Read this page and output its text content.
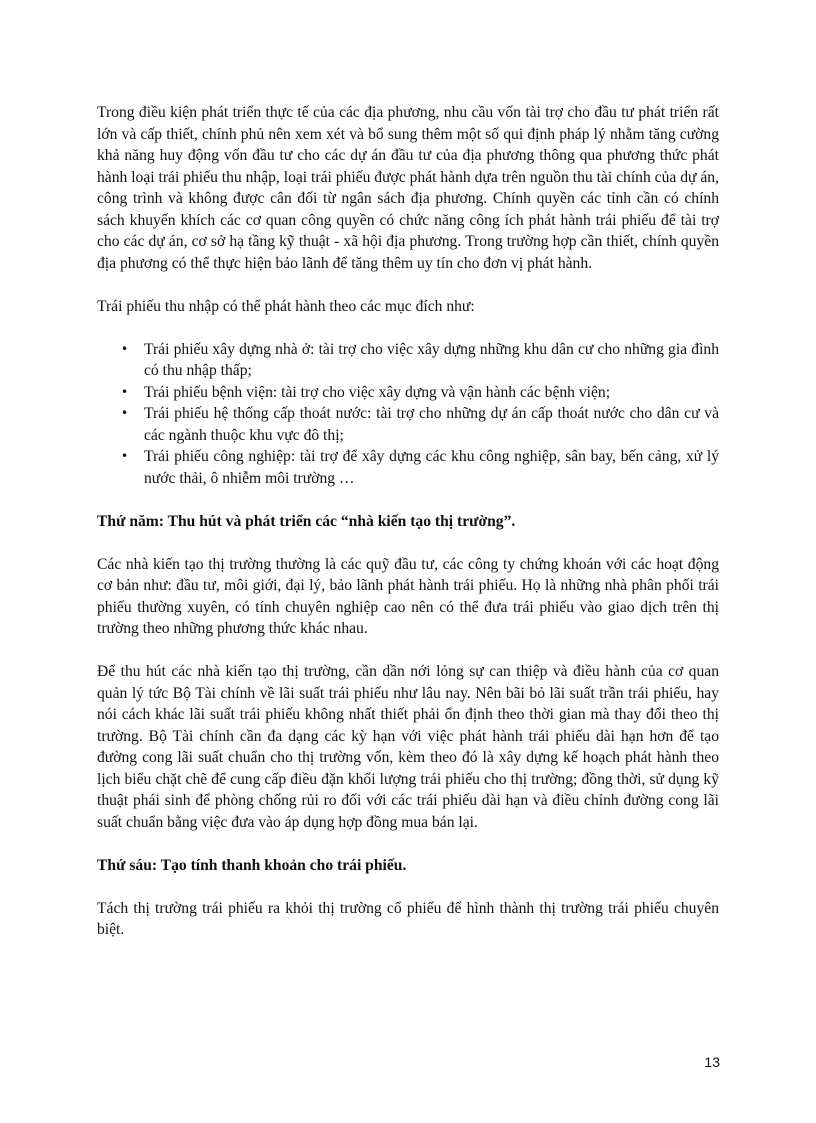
Trong điều kiện phát triển thực tế của các địa phương, nhu cầu vốn tài trợ cho đầu tư phát triển rất lớn và cấp thiết, chính phủ nên xem xét và bổ sung thêm một số qui định pháp lý nhằm tăng cường khả năng huy động vốn đầu tư cho các dự án đầu tư của địa phương thông qua phương thức phát hành loại trái phiếu thu nhập, loại trái phiếu được phát hành dựa trên nguồn thu tài chính của dự án, công trình và không được cân đối từ ngân sách địa phương. Chính quyền các tỉnh cần có chính sách khuyến khích các cơ quan công quyền có chức năng công ích phát hành trái phiếu để tài trợ cho các dự án, cơ sở hạ tầng kỹ thuật - xã hội địa phương. Trong trường hợp cần thiết, chính quyền địa phương có thể thực hiện bảo lãnh để tăng thêm uy tín cho đơn vị phát hành.

Trái phiếu thu nhập có thể phát hành theo các mục đích như:

• Trái phiếu xây dựng nhà ở: tài trợ cho việc xây dựng những khu dân cư cho những gia đình có thu nhập thấp;
• Trái phiếu bệnh viện: tài trợ cho việc xây dựng và vận hành các bệnh viện;
• Trái phiếu hệ thống cấp thoát nước: tài trợ cho những dự án cấp thoát nước cho dân cư và các ngành thuộc khu vực đô thị;
• Trái phiếu công nghiệp: tài trợ để xây dựng các khu công nghiệp, sân bay, bến cảng, xử lý nước thải, ô nhiễm môi trường …
Thứ năm: Thu hút và phát triển các “nhà kiến tạo thị trường”.

Các nhà kiến tạo thị trường thường là các quỹ đầu tư, các công ty chứng khoán với các hoạt động cơ bản như: đầu tư, môi giới, đại lý, bảo lãnh phát hành trái phiếu. Họ là những nhà phân phối trái phiếu thường xuyên, có tính chuyên nghiệp cao nên có thể đưa trái phiếu vào giao dịch trên thị trường theo những phương thức khác nhau.

Để thu hút các nhà kiến tạo thị trường, cần dần nới lỏng sự can thiệp và điều hành của cơ quan quản lý tức Bộ Tài chính về lãi suất trái phiếu như lâu nay. Nên bãi bỏ lãi suất trần trái phiếu, hay nói cách khác lãi suất trái phiếu không nhất thiết phải ổn định theo thời gian mà thay đổi theo thị trường. Bộ Tài chính cần đa dạng các kỳ hạn với việc phát hành trái phiếu dài hạn hơn để tạo đường cong lãi suất chuẩn cho thị trường vốn, kèm theo đó là xây dựng kế hoạch phát hành theo lịch biểu chặt chẽ để cung cấp điều đặn khối lượng trái phiếu cho thị trường; đồng thời, sử dụng kỹ thuật phái sinh để phòng chống rủi ro đối với các trái phiếu dài hạn và điều chỉnh đường cong lãi suất chuẩn bằng việc đưa vào áp dụng hợp đồng mua bán lại.

Thứ sáu: Tạo tính thanh khoản cho trái phiếu.

Tách thị trường trái phiếu ra khỏi thị trường cổ phiếu để hình thành thị trường trái phiếu chuyên biệt.

13
